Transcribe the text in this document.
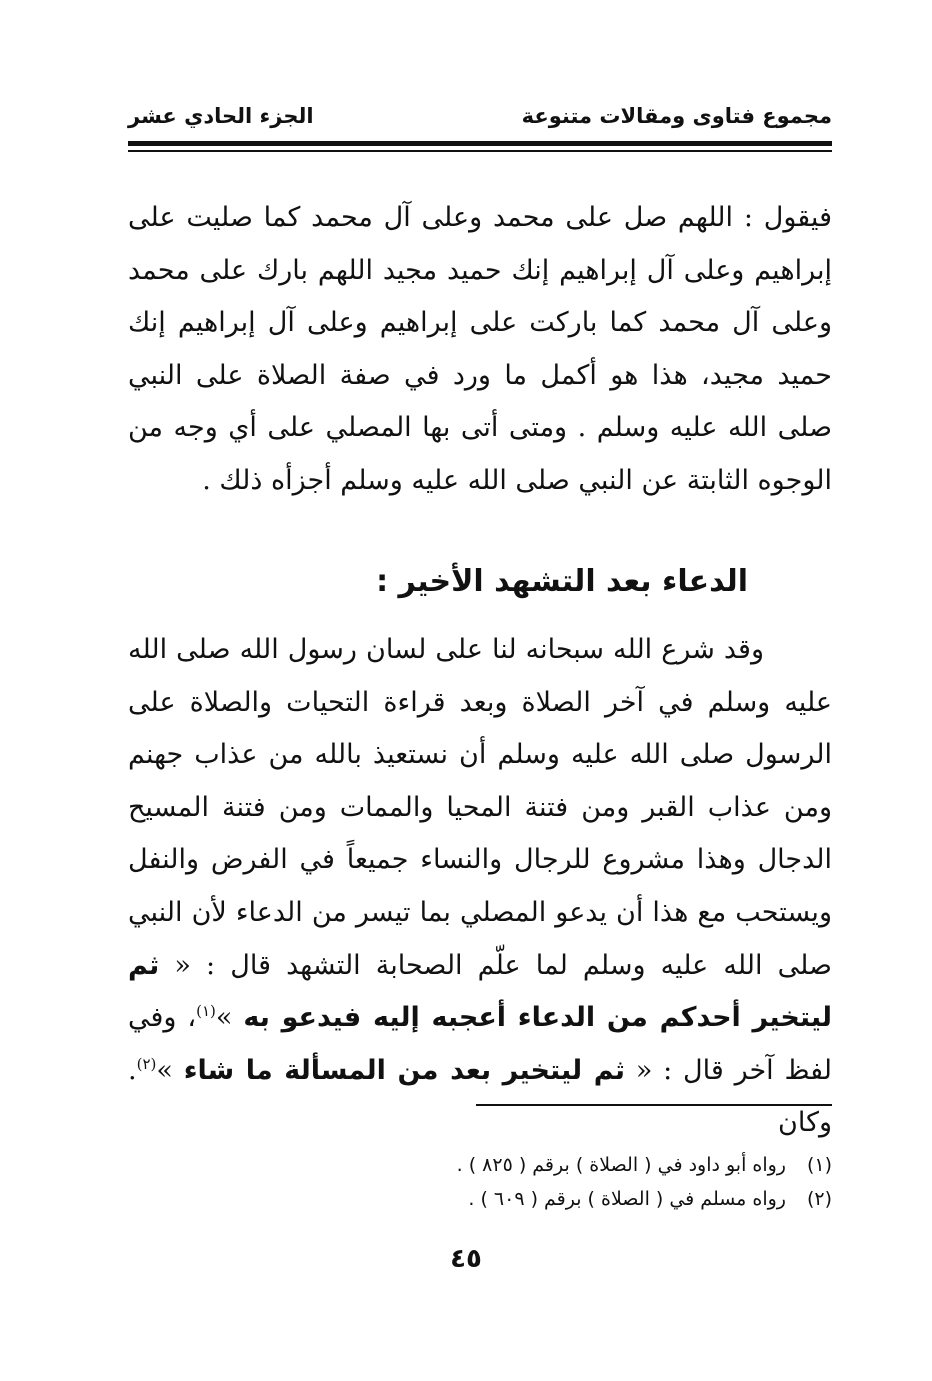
مجموع فتاوى ومقالات متنوعة
الجزء الحادي عشر

فيقول : اللهم صل على محمد وعلى آل محمد كما صليت على إبراهيم وعلى آل إبراهيم إنك حميد مجيد اللهم بارك على محمد وعلى آل محمد كما باركت على إبراهيم وعلى آل إبراهيم إنك حميد مجيد، هذا هو أكمل ما ورد في صفة الصلاة على النبي صلى الله عليه وسلم . ومتى أتى بها المصلي على أي وجه من الوجوه الثابتة عن النبي صلى الله عليه وسلم أجزأه ذلك .

الدعاء بعد التشهد الأخير :
وقد شرع الله سبحانه لنا على لسان رسول الله صلى الله عليه وسلم في آخر الصلاة وبعد قراءة التحيات والصلاة على الرسول صلى الله عليه وسلم أن نستعيذ بالله من عذاب جهنم ومن عذاب القبر ومن فتنة المحيا والممات ومن فتنة المسيح الدجال وهذا مشروع للرجال والنساء جميعاً في الفرض والنفل ويستحب مع هذا أن يدعو المصلي بما تيسر من الدعاء لأن النبي صلى الله عليه وسلم لما علّم الصحابة التشهد قال : « ثم ليتخير أحدكم من الدعاء أعجبه إليه فيدعو به »$^{(١)}$، وفي لفظ آخر قال : « ثم ليتخير بعد من المسألة ما شاء »$^{(٢)}$. وكان
(١)رواه أبو داود في ( الصلاة ) برقم ( ٨٢٥ ) .
(٢)رواه مسلم في ( الصلاة ) برقم ( ٦٠٩ ) .
٤٥
